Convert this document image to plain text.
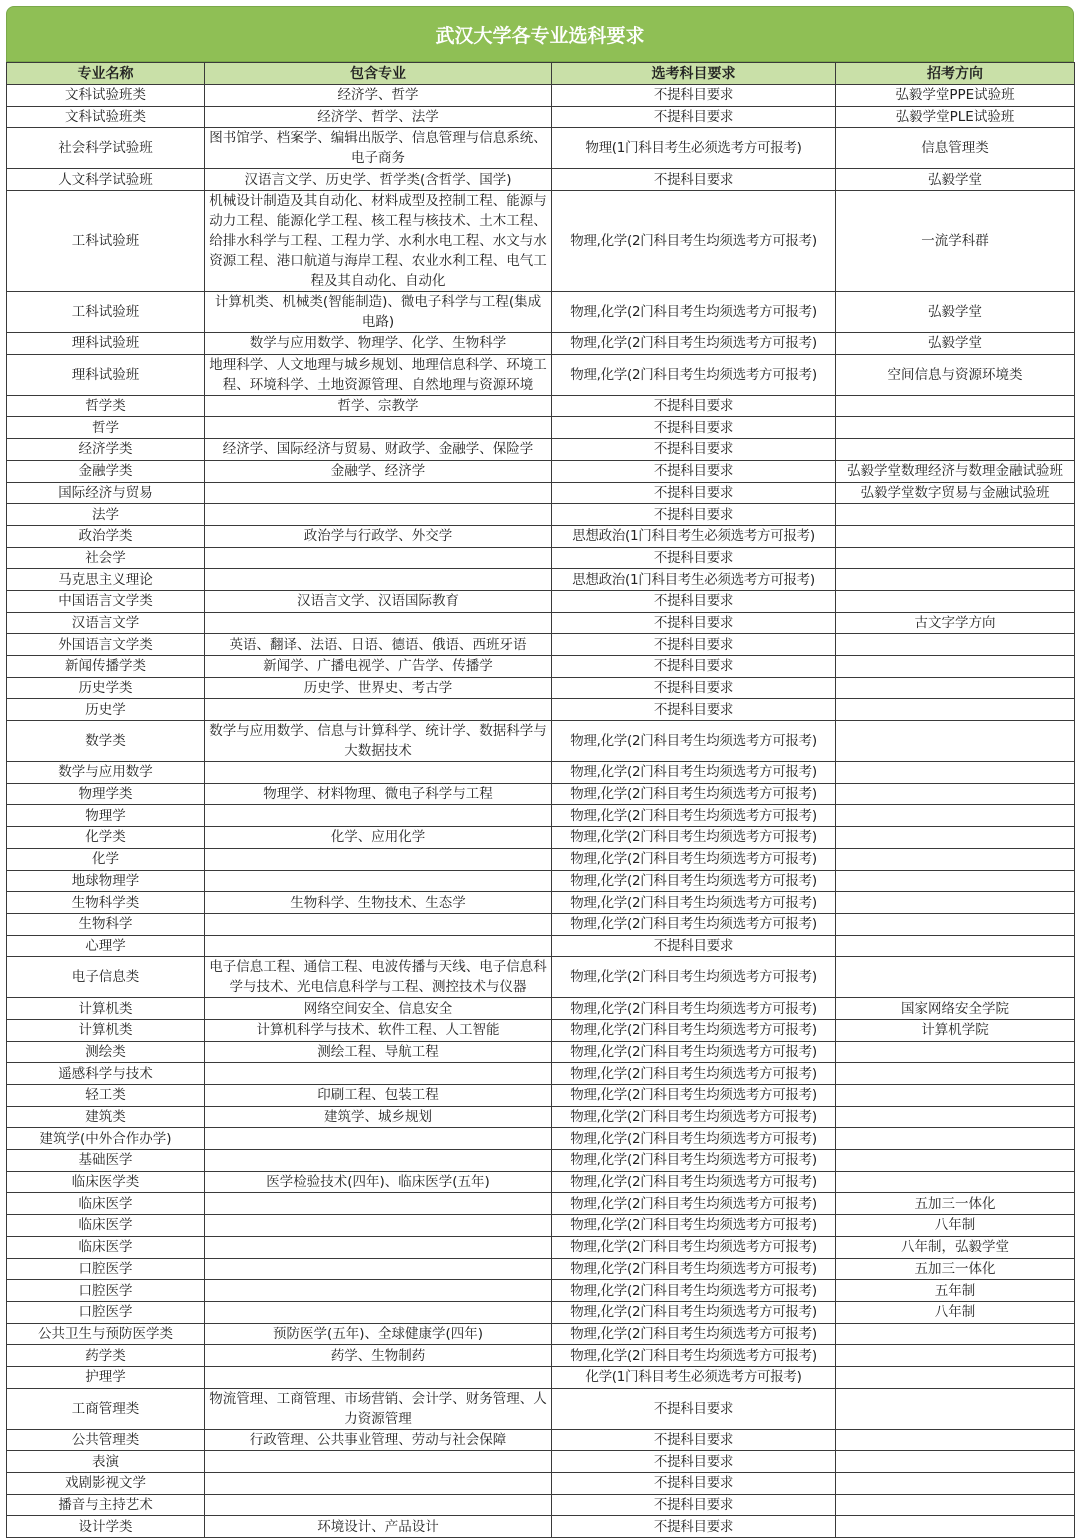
武汉大学各专业选科要求
专业名称	包含专业	选考科目要求	招考方向
文科试验班类	经济学、哲学	不提科目要求	弘毅学堂PPE试验班
文科试验班类	经济学、哲学、法学	不提科目要求	弘毅学堂PLE试验班
社会科学试验班	图书馆学、档案学、编辑出版学、信息管理与信息系统、电子商务	物理(1门科目考生必须选考方可报考)	信息管理类
人文科学试验班	汉语言文学、历史学、哲学类(含哲学、国学)	不提科目要求	弘毅学堂
工科试验班	机械设计制造及其自动化、材料成型及控制工程、能源与动力工程、能源化学工程、核工程与核技术、土木工程、给排水科学与工程、工程力学、水利水电工程、水文与水资源工程、港口航道与海岸工程、农业水利工程、电气工程及其自动化、自动化	物理,化学(2门科目考生均须选考方可报考)	一流学科群
工科试验班	计算机类、机械类(智能制造)、微电子科学与工程(集成电路)	物理,化学(2门科目考生均须选考方可报考)	弘毅学堂
理科试验班	数学与应用数学、物理学、化学、生物科学	物理,化学(2门科目考生均须选考方可报考)	弘毅学堂
理科试验班	地理科学、人文地理与城乡规划、地理信息科学、环境工程、环境科学、土地资源管理、自然地理与资源环境	物理,化学(2门科目考生均须选考方可报考)	空间信息与资源环境类
哲学类	哲学、宗教学	不提科目要求	
哲学		不提科目要求	
经济学类	经济学、国际经济与贸易、财政学、金融学、保险学	不提科目要求	
金融学类	金融学、经济学	不提科目要求	弘毅学堂数理经济与数理金融试验班
国际经济与贸易		不提科目要求	弘毅学堂数字贸易与金融试验班
法学		不提科目要求	
政治学类	政治学与行政学、外交学	思想政治(1门科目考生必须选考方可报考)	
社会学		不提科目要求	
马克思主义理论		思想政治(1门科目考生必须选考方可报考)	
中国语言文学类	汉语言文学、汉语国际教育	不提科目要求	
汉语言文学		不提科目要求	古文字学方向
外国语言文学类	英语、翻译、法语、日语、德语、俄语、西班牙语	不提科目要求	
新闻传播学类	新闻学、广播电视学、广告学、传播学	不提科目要求	
历史学类	历史学、世界史、考古学	不提科目要求	
历史学		不提科目要求	
数学类	数学与应用数学、信息与计算科学、统计学、数据科学与大数据技术	物理,化学(2门科目考生均须选考方可报考)	
数学与应用数学		物理,化学(2门科目考生均须选考方可报考)	
物理学类	物理学、材料物理、微电子科学与工程	物理,化学(2门科目考生均须选考方可报考)	
物理学		物理,化学(2门科目考生均须选考方可报考)	
化学类	化学、应用化学	物理,化学(2门科目考生均须选考方可报考)	
化学		物理,化学(2门科目考生均须选考方可报考)	
地球物理学		物理,化学(2门科目考生均须选考方可报考)	
生物科学类	生物科学、生物技术、生态学	物理,化学(2门科目考生均须选考方可报考)	
生物科学		物理,化学(2门科目考生均须选考方可报考)	
心理学		不提科目要求	
电子信息类	电子信息工程、通信工程、电波传播与天线、电子信息科学与技术、光电信息科学与工程、测控技术与仪器	物理,化学(2门科目考生均须选考方可报考)	
计算机类	网络空间安全、信息安全	物理,化学(2门科目考生均须选考方可报考)	国家网络安全学院
计算机类	计算机科学与技术、软件工程、人工智能	物理,化学(2门科目考生均须选考方可报考)	计算机学院
测绘类	测绘工程、导航工程	物理,化学(2门科目考生均须选考方可报考)	
遥感科学与技术		物理,化学(2门科目考生均须选考方可报考)	
轻工类	印刷工程、包装工程	物理,化学(2门科目考生均须选考方可报考)	
建筑类	建筑学、城乡规划	物理,化学(2门科目考生均须选考方可报考)	
建筑学(中外合作办学)		物理,化学(2门科目考生均须选考方可报考)	
基础医学		物理,化学(2门科目考生均须选考方可报考)	
临床医学类	医学检验技术(四年)、临床医学(五年)	物理,化学(2门科目考生均须选考方可报考)	
临床医学		物理,化学(2门科目考生均须选考方可报考)	五加三一体化
临床医学		物理,化学(2门科目考生均须选考方可报考)	八年制
临床医学		物理,化学(2门科目考生均须选考方可报考)	八年制，弘毅学堂
口腔医学		物理,化学(2门科目考生均须选考方可报考)	五加三一体化
口腔医学		物理,化学(2门科目考生均须选考方可报考)	五年制
口腔医学		物理,化学(2门科目考生均须选考方可报考)	八年制
公共卫生与预防医学类	预防医学(五年)、全球健康学(四年)	物理,化学(2门科目考生均须选考方可报考)	
药学类	药学、生物制药	物理,化学(2门科目考生均须选考方可报考)	
护理学		化学(1门科目考生必须选考方可报考)	
工商管理类	物流管理、工商管理、市场营销、会计学、财务管理、人力资源管理	不提科目要求	
公共管理类	行政管理、公共事业管理、劳动与社会保障	不提科目要求	
表演		不提科目要求	
戏剧影视文学		不提科目要求	
播音与主持艺术		不提科目要求	
设计学类	环境设计、产品设计	不提科目要求	
